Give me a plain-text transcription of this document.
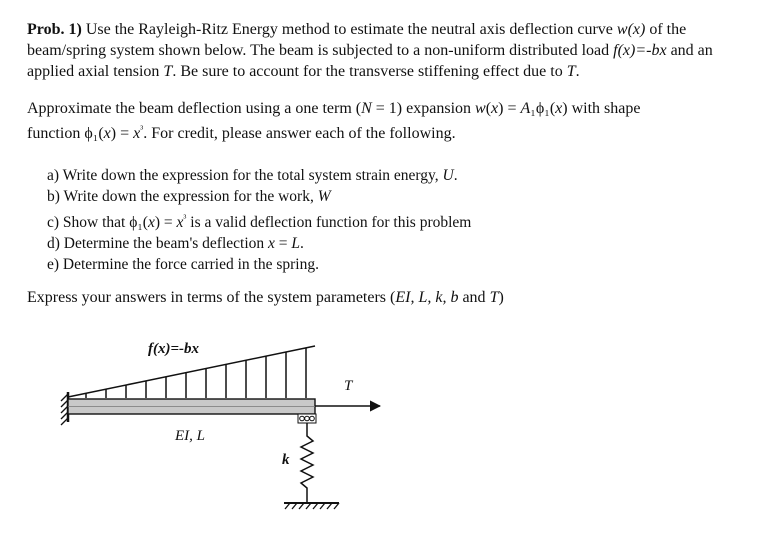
Prob. 1) Use the Rayleigh-Ritz Energy method to estimate the neutral axis deflection curve w(x) of the beam/spring system shown below. The beam is subjected to a non-uniform distributed load f(x)=-bx and an applied axial tension T. Be sure to account for the transverse stiffening effect due to T.
Approximate the beam deflection using a one term (N = 1) expansion w(x) = A₁ϕ₁(x) with shape
function $\phi_1(x) = x^{^3}$. For credit, please answer each of the following.
a) Write down the expression for the total system strain energy, U.
b) Write down the expression for the work, W
c) Show that $\phi_1(x) = x^{^3}$ is a valid deflection function for this problem
d) Determine the beam's deflection x = L.
e) Determine the force carried in the spring.
Express your answers in terms of the system parameters (EI, L, k, b and T)
f(x)=-bx
T
EI, L
k
